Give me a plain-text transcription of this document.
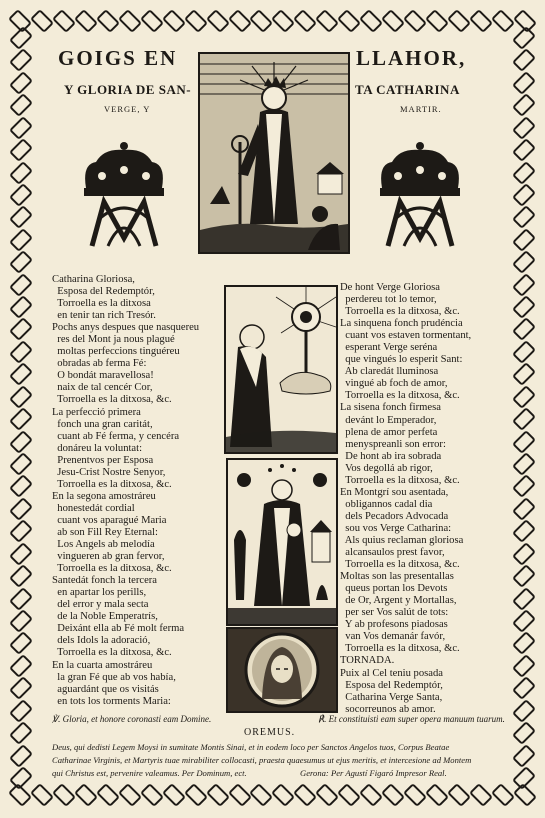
GOIGS EN	LLAHOR,
Y GLORIA DE SAN-	TA CATHARINA
VERGE, Y	MARTIR.
Catharina Gloriosa,
Esposa del Redemptór,
Torroella es la ditxosa
en tenir tan rich Tresór.
Pochs anys despues que nasquereu
res del Mont ja nous plagué
moltas perfeccions tinguéreu
obradas ab ferma Fé:
O bondát maravellosa!
naix de tal cencér Cor,
Torroella es la ditxosa, &c.
La perfecció primera
fonch una gran caritát,
cuant ab Fé ferma, y cencéra
donáreu la voluntat:
Prenentvos per Esposa
Jesu-Crist Nostre Senyor,
Torroella es la ditxosa, &c.
En la segona amostráreu
honestedát cordial
cuant vos aparagué Maria
ab son Fill Rey Eternal:
Los Angels ab melodía
vingueren ab gran fervor,
Torroella es la ditxosa, &c.
Santedát fonch la tercera
en apartar los perills,
del error y mala secta
de la Noble Emperatrís,
Deixánt ella ab Fé molt ferma
dels Idols la adoració,
Torroella es la ditxosa, &c.
En la cuarta amostráreu
la gran Fé que ab vos había,
aguardánt que os visitás
en tots los torments Maria:
De hont Verge Gloriosa
perdereu tot lo temor,
Torroella es la ditxosa, &c.
La sinquena fonch prudéncia
cuant vos estaven tormentant,
esperant Verge seréna
que vingués lo esperit Sant:
Ab claredát lluminosa
vingué ab foch de amor,
Torroella es la ditxosa, &c.
La sisena fonch firmesa
devánt lo Emperador,
plena de amor perfeta
menyspreanli son error:
De hont ab ira sobrada
Vos degollá ab rigor,
Torroella es la ditxosa, &c.
En Montgrí sou asentada,
obligannos cadal dia
dels Pecadors Advocada
sou vos Verge Catharina:
Als quius reclaman gloriosa
alcansaulos prest favor,
Torroella es la ditxosa, &c.
Moltas son las presentallas
queus portan los Devots
de Or, Argent y Mortallas,
per ser Vos salút de tots:
Y ab profesons piadosas
van Vos demanár favór,
Torroella es la ditxosa, &c.
TORNADA.
Puix al Cel teniu posada
Esposa del Redemptór,
Catharina Verge Santa,
socorreunos ab amor.
℣. Gloria, et honore coronasti eam Domine.	℟. Et constituisti eam super opera manuum tuarum.
OREMUS.
Deus, qui dedisti Legem Moysi in sumitate Montis Sinai, et in eodem loco per Sanctos Angelos tuos, Corpus Beatae
Catharinae Virginis, et Martyris tuae mirabiliter collocasti, praesta quaesumus ut ejus meritis, et intercesione ad Montem
qui Christus est, pervenire valeamus. Per Dominum, ect.	Gerona: Per Agustí Figaró Impresor Real.
